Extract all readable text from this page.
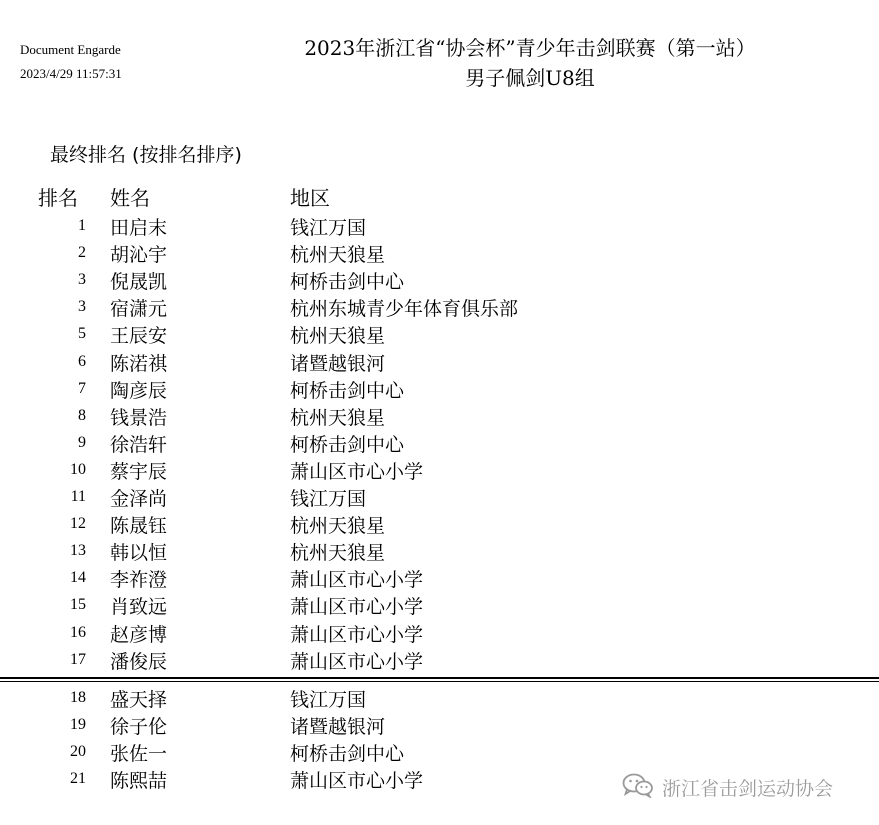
Document Engarde
2023/4/29 11:57:31
2023年浙江省“协会杯”青少年击剑联赛（第一站）
男子佩剑U8组
最终排名 (按排名排序)
排名 姓名	地区
1 田启末	钱江万国
2 胡沁宇	杭州天狼星
3 倪晟凯	柯桥击剑中心
3 宿潇元	杭州东城青少年体育俱乐部
5 王辰安	杭州天狼星
6 陈渃祺	诸暨越银河
7 陶彦辰	柯桥击剑中心
8 钱景浩	杭州天狼星
9 徐浩轩	柯桥击剑中心
10 蔡宇辰	萧山区市心小学
11 金泽尚	钱江万国
12 陈晟钰	杭州天狼星
13 韩以恒	杭州天狼星
14 李祚澄	萧山区市心小学
15 肖致远	萧山区市心小学
16 赵彦博	萧山区市心小学
17 潘俊辰	萧山区市心小学
18 盛天择	钱江万国
19 徐子伦	诸暨越银河
20 张佐一	柯桥击剑中心
21 陈熙喆	萧山区市心小学	浙江省击剑运动协会
